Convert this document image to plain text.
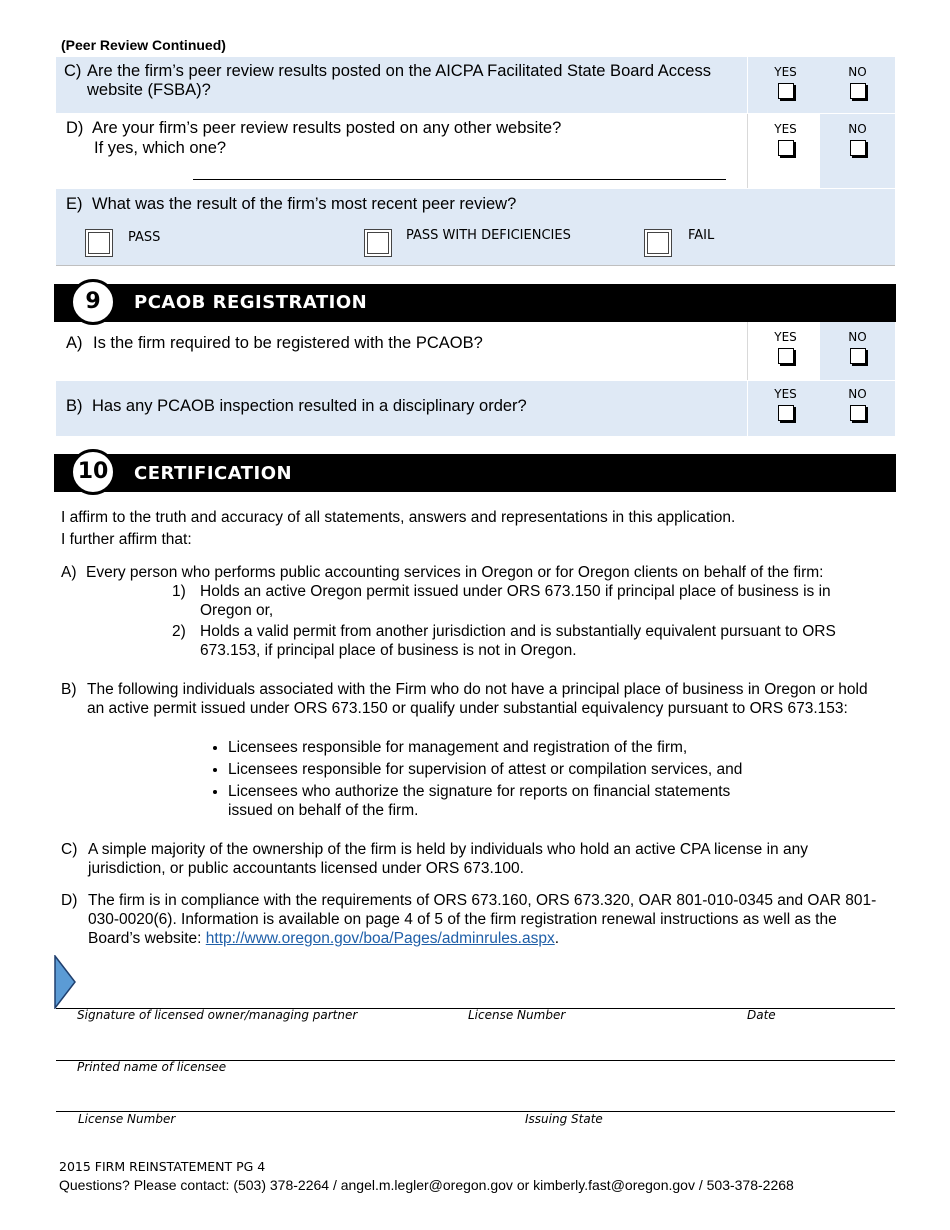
(Peer Review Continued)
C) Are the firm’s peer review results posted on the AICPA Facilitated State Board Access website (FSBA)?
YES	NO
D) Are your firm’s peer review results posted on any other website?
If yes, which one?
YES	NO
E) What was the result of the firm’s most recent peer review?
PASS	PASS WITH DEFICIENCIES	FAIL
9	PCAOB REGISTRATION
A) Is the firm required to be registered with the PCAOB?	YES	NO
B) Has any PCAOB inspection resulted in a disciplinary order?
YES	NO
10	CERTIFICATION
I affirm to the truth and accuracy of all statements, answers and representations in this application.
I further affirm that:
A) Every person who performs public accounting services in Oregon or for Oregon clients on behalf of the firm:
1) Holds an active Oregon permit issued under ORS 673.150 if principal place of business is in Oregon or,
2) Holds a valid permit from another jurisdiction and is substantially equivalent pursuant to ORS 673.153, if principal place of business is not in Oregon.
B) The following individuals associated with the Firm who do not have a principal place of business in Oregon or hold an active permit issued under ORS 673.150 or qualify under substantial equivalency pursuant to ORS 673.153:
• Licensees responsible for management and registration of the firm,
• Licensees responsible for supervision of attest or compilation services, and
• Licensees who authorize the signature for reports on financial statements issued on behalf of the firm.
C) A simple majority of the ownership of the firm is held by individuals who hold an active CPA license in any jurisdiction, or public accountants licensed under ORS 673.100.
D) The firm is in compliance with the requirements of ORS 673.160, ORS 673.320, OAR 801-010-0345 and OAR 801-030-0020(6). Information is available on page 4 of 5 of the firm registration renewal instructions as well as the Board’s website: http://www.oregon.gov/boa/Pages/adminrules.aspx.
Signature of licensed owner/managing partner	License Number	Date
Printed name of licensee
License Number	Issuing State
2015 FIRM REINSTATEMENT PG 4
Questions? Please contact: (503) 378-2264 / angel.m.legler@oregon.gov or kimberly.fast@oregon.gov / 503-378-2268
